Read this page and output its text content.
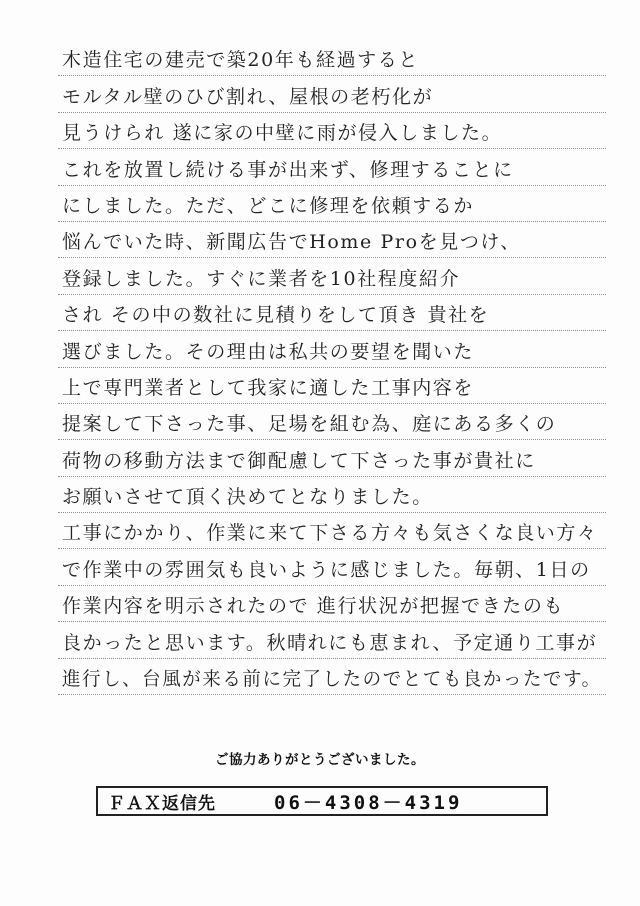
木造住宅の建売で築20年も経過すると
モルタル壁のひび割れ、屋根の老朽化が
見うけられ 遂に家の中壁に雨が侵入しました。
これを放置し続ける事が出来ず、修理することに
にしました。ただ、どこに修理を依頼するか
悩んでいた時、新聞広告でHome Proを見つけ、
登録しました。すぐに業者を10社程度紹介
され その中の数社に見積りをして頂き 貴社を
選びました。その理由は私共の要望を聞いた
上で専門業者として我家に適した工事内容を
提案して下さった事、足場を組む為、庭にある多くの
荷物の移動方法まで御配慮して下さった事が貴社に
お願いさせて頂く決めてとなりました。
工事にかかり、作業に来て下さる方々も気さくな良い方々
で作業中の雰囲気も良いように感じました。毎朝、1日の
作業内容を明示されたので 進行状況が把握できたのも
良かったと思います。秋晴れにも恵まれ、予定通り工事が
進行し、台風が来る前に完了したのでとても良かったです。
ご協力ありがとうございました。
ＦＡＸ返信先	06－4308－4319
